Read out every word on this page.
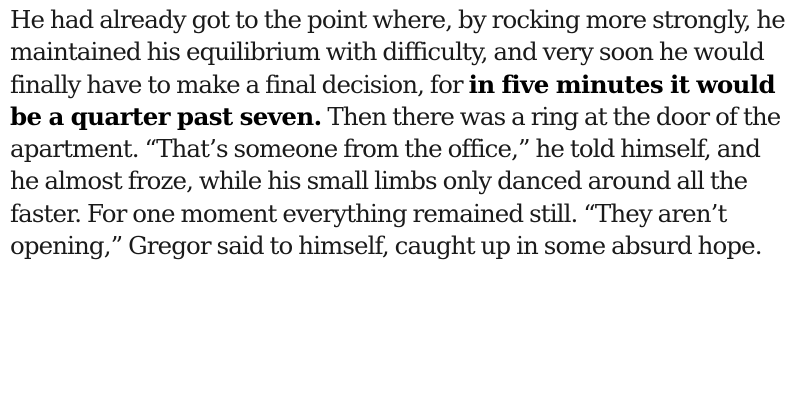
He had already got to the point where, by rocking more strongly, he maintained his equilibrium with difficulty, and very soon he would finally have to make a final decision, for in five minutes it would be a quarter past seven. Then there was a ring at the door of the apartment. “That’s someone from the office,” he told himself, and he almost froze, while his small limbs only danced around all the faster. For one moment everything remained still. “They aren’t opening,” Gregor said to himself, caught up in some absurd hope.
